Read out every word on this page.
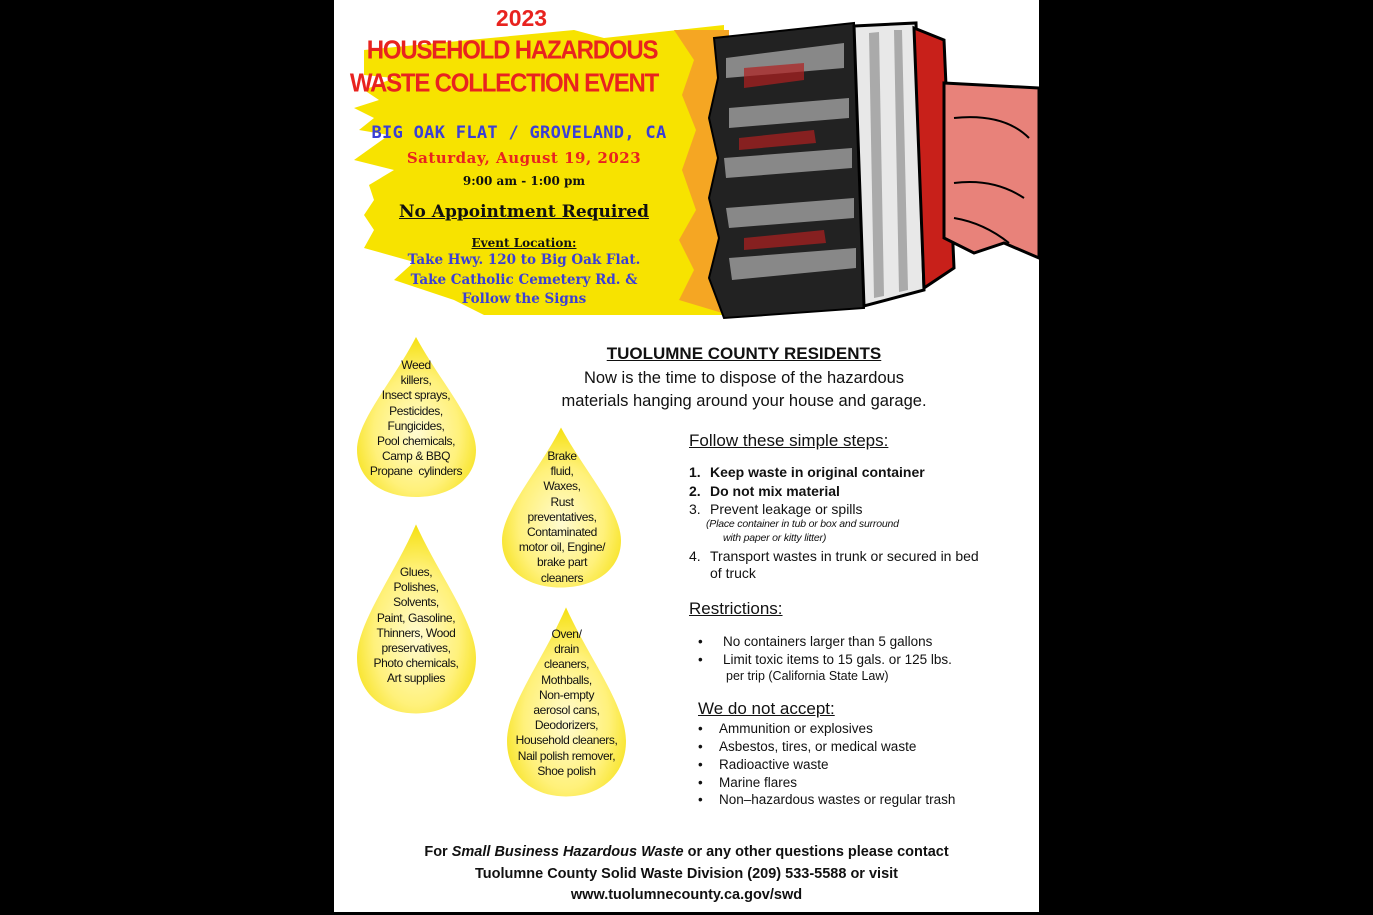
2023
HOUSEHOLD HAZARDOUS
WASTE COLLECTION EVENT
BIG OAK FLAT / GROVELAND, CA
Saturday, August 19, 2023
9:00 am - 1:00 pm
No Appointment Required
Event Location:
Take Hwy. 120 to Big Oak Flat.
Take Catholic Cemetery Rd. &
Follow the Signs
Weed
killers,
Insect sprays,
Pesticides,
Fungicides,
Pool chemicals,
Camp & BBQ
Propane  cylinders
Brake
fluid,
Waxes,
Rust
preventatives,
Contaminated
motor oil, Engine/
brake part
cleaners
Glues,
Polishes,
Solvents,
Paint, Gasoline,
Thinners, Wood
preservatives,
Photo chemicals,
Art supplies
Oven/
drain
cleaners,
Mothballs,
Non-empty
aerosol cans,
Deodorizers,
Household cleaners,
Nail polish remover,
Shoe polish
TUOLUMNE COUNTY RESIDENTS
Now is the time to dispose of the hazardous
materials hanging around your house and garage.
Follow these simple steps:
1. Keep waste in original container
2. Do not mix material
3. Prevent leakage or spills
(Place container in tub or box and surround
with paper or kitty litter)
4. Transport wastes in trunk or secured in bed
of truck
Restrictions:
• No containers larger than 5 gallons
• Limit toxic items to 15 gals. or 125 lbs.
per trip (California State Law)
We do not accept:
• Ammunition or explosives
• Asbestos, tires, or medical waste
• Radioactive waste
• Marine flares
• Non–hazardous wastes or regular trash
For Small Business Hazardous Waste or any other questions please contact
Tuolumne County Solid Waste Division (209) 533-5588 or visit
www.tuolumnecounty.ca.gov/swd
